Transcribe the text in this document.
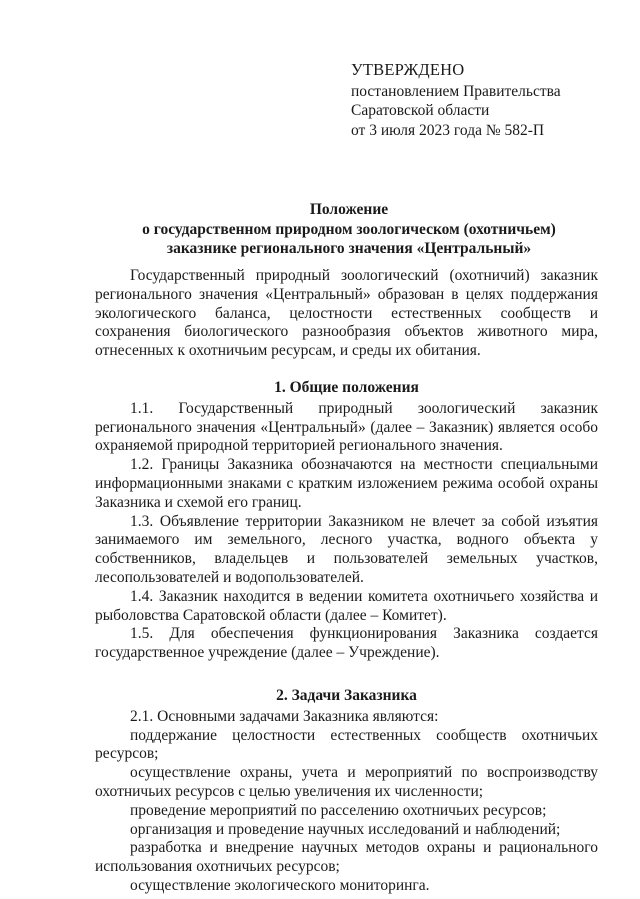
УТВЕРЖДЕНО
постановлением Правительства
Саратовской области
от 3 июля 2023 года № 582-П
Положение
о государственном природном зоологическом (охотничьем)
заказнике регионального значения «Центральный»
Государственный природный зоологический (охотничий) заказник регионального значения «Центральный» образован в целях поддержания экологического баланса, целостности естественных сообществ и сохранения биологического разнообразия объектов животного мира, отнесенных к охотничьим ресурсам, и среды их обитания.
1. Общие положения
1.1. Государственный природный зоологический заказник регионального значения «Центральный» (далее – Заказник) является особо охраняемой природной территорией регионального значения.
1.2. Границы Заказника обозначаются на местности специальными информационными знаками с кратким изложением режима особой охраны Заказника и схемой его границ.
1.3. Объявление территории Заказником не влечет за собой изъятия занимаемого им земельного, лесного участка, водного объекта у собственников, владельцев и пользователей земельных участков, лесопользователей и водопользователей.
1.4. Заказник находится в ведении комитета охотничьего хозяйства и рыболовства Саратовской области (далее – Комитет).
1.5. Для обеспечения функционирования Заказника создается государственное учреждение (далее – Учреждение).
2. Задачи Заказника
2.1. Основными задачами Заказника являются:
поддержание целостности естественных сообществ охотничьих ресурсов;
осуществление охраны, учета и мероприятий по воспроизводству охотничьих ресурсов с целью увеличения их численности;
проведение мероприятий по расселению охотничьих ресурсов;
организация и проведение научных исследований и наблюдений;
разработка и внедрение научных методов охраны и рационального использования охотничьих ресурсов;
осуществление экологического мониторинга.
